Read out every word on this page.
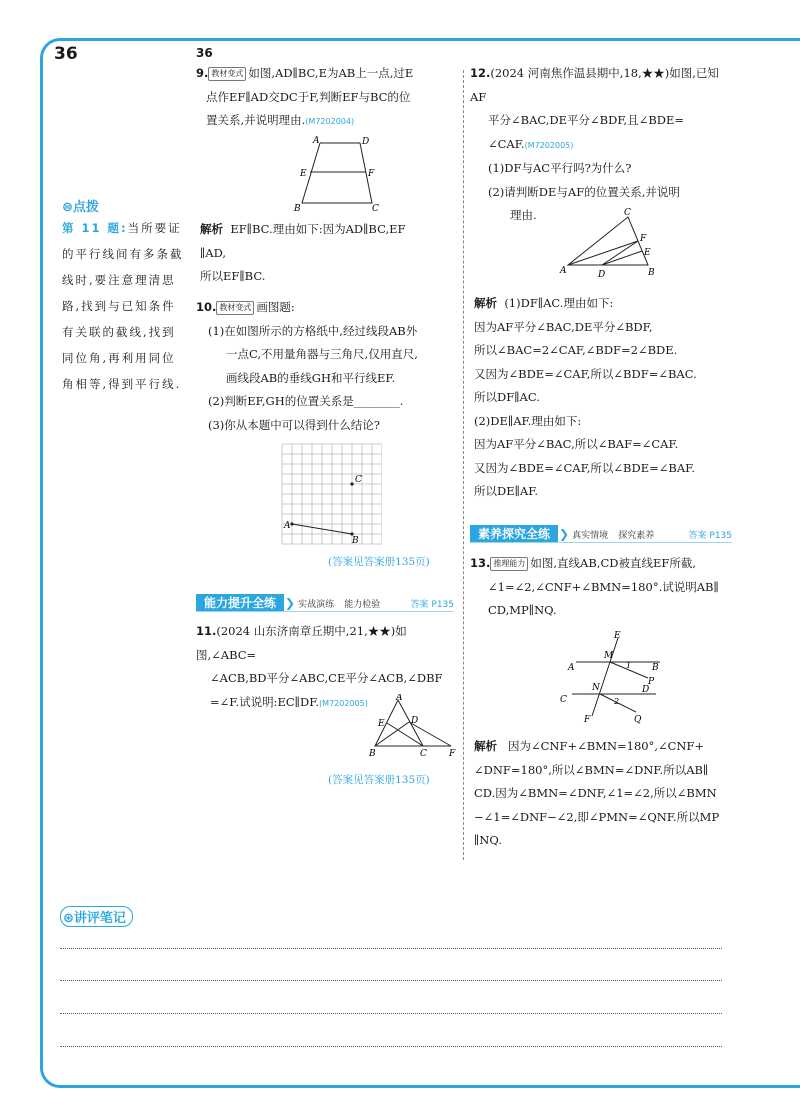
36	36
⊜点拨
第 11 题:当所要证的平行线间有多条截线时,要注意理清思路,找到与已知条件有关联的截线,找到同位角,再利用同位角相等,得到平行线.

9. 教材变式 如图,AD∥BC,E为AB上一点,过E

点作EF∥AD交DC于F,判断EF与BC的位

置关系,并说明理由.(M7202004)

A	D
E	F
B	C

解析 EF∥BC.理由如下:因为AD∥BC,EF

∥AD,

所以EF∥BC.

10. 教材变式 画图题:

(1)在如图所示的方格纸中,经过线段AB外

一点C,不用量角器与三角尺,仅用直尺,

画线段AB的垂线GH和平行线EF.

(2)判断EF,GH的位置关系是________.

(3)你从本题中可以得到什么结论?

C
A
B
(答案见答案册135页)
能力提升全练 ❯ 实战演练
能力检验	答案 P135

11.(2024 山东济南章丘期中,21,★★)如图,∠ABC=

∠ACB,BD平分∠ABC,CE平分∠ACB,∠DBF

=∠F.试说明:EC∥DF.(M7202005)	A
E	D
B	C F
(答案见答案册135页)

12.(2024 河南焦作温县期中,18,★★)如图,已知AF

平分∠BAC,DE平分∠BDF,且∠BDE=

∠CAF.(M7202005)

(1)DF与AC平行吗?为什么?

(2)请判断DE与AF的位置关系,并说明

理由.	C
F
E
A	D	B

解析 (1)DF∥AC.理由如下:

因为AF平分∠BAC,DE平分∠BDF,

所以∠BAC=2∠CAF,∠BDF=2∠BDE.

又因为∠BDE=∠CAF,所以∠BDF=∠BAC.

所以DF∥AC.

(2)DE∥AF.理由如下:

因为AF平分∠BAC,所以∠BAF=∠CAF.

又因为∠BDE=∠CAF,所以∠BDE=∠BAF.

所以DE∥AF.

素养探究全练 ❯ 真实情境
探究素养	答案 P135

13. 推理能力 如图,直线AB,CD被直线EF所截,

∠1=∠2,∠CNF+∠BMN=180°.试说明AB∥

CD,MP∥NQ.

E
M
1
A	B
P
N
2
C
D
F	Q

解析 因为∠CNF+∠BMN=180°,∠CNF+

∠DNF=180°,所以∠BMN=∠DNF.所以AB∥

CD.因为∠BMN=∠DNF,∠1=∠2,所以∠BMN

−∠1=∠DNF−∠2,即∠PMN=∠QNF.所以MP

∥NQ.

⊛讲评笔记
